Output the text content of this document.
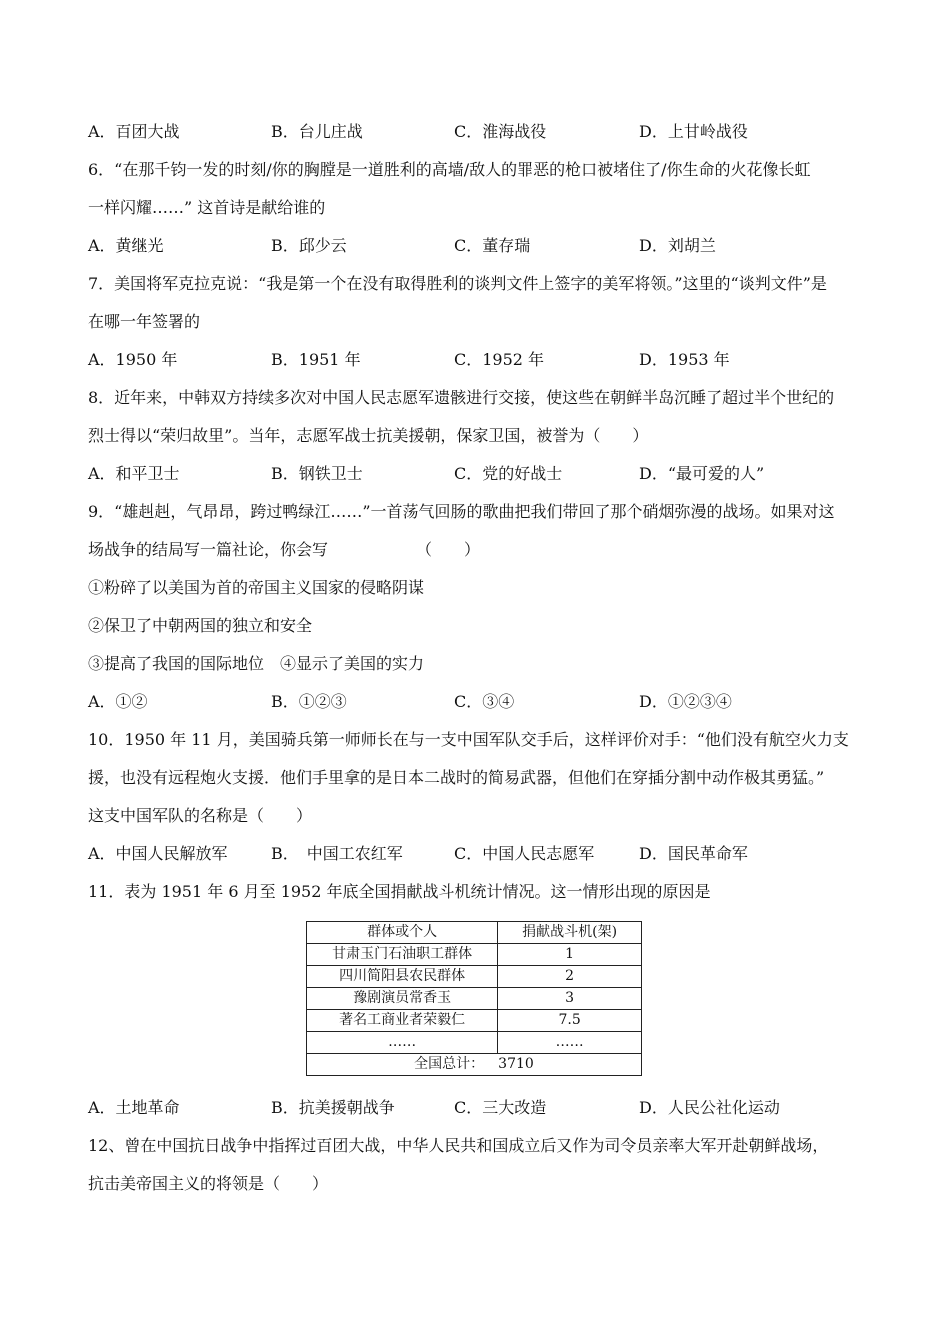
A．百团大战	B．台儿庄战	C．淮海战役	D．上甘岭战役
6．“在那千钧一发的时刻/你的胸膛是一道胜利的高墙/敌人的罪恶的枪口被堵住了/你生命的火花像长虹
一样闪耀……” 这首诗是献给谁的
A．黄继光	B．邱少云	C．董存瑞	D．刘胡兰
7．美国将军克拉克说：“我是第一个在没有取得胜利的谈判文件上签字的美军将领。”这里的“谈判文件”是
在哪一年签署的
A．1950 年	B．1951 年	C．1952 年	D．1953 年
8．近年来，中韩双方持续多次对中国人民志愿军遗骸进行交接，使这些在朝鲜半岛沉睡了超过半个世纪的
烈士得以“荣归故里”。当年，志愿军战士抗美援朝，保家卫国，被誉为（　　）
A．和平卫士	B．钢铁卫士	C．党的好战士	D．“最可爱的人”
9．“雄赳赳，气昂昂，跨过鸭绿江……”一首荡气回肠的歌曲把我们带回了那个硝烟弥漫的战场。如果对这
场战争的结局写一篇社论，你会写　　　　　　（　　）
①粉碎了以美国为首的帝国主义国家的侵略阴谋
②保卫了中朝两国的独立和安全
③提高了我国的国际地位　④显示了美国的实力
A．①②	B．①②③	C．③④	D．①②③④
10．1950 年 11 月，美国骑兵第一师师长在与一支中国军队交手后，这样评价对手：“他们没有航空火力支
援，也没有远程炮火支援．他们手里拿的是日本二战时的简易武器，但他们在穿插分割中动作极其勇猛。”
这支中国军队的名称是（　　）
A．中国人民解放军	B．　中国工农红军	C．中国人民志愿军	D．国民革命军
11．表为 1951 年 6 月至 1952 年底全国捐献战斗机统计情况。这一情形出现的原因是
群体或个人	捐献战斗机(架)
甘肃玉门石油职工群体	1
四川简阳县农民群体	2
豫剧演员常香玉	3
著名工商业者荣毅仁	7.5
……	……
全国总计： 3710	
A．土地革命	B．抗美援朝战争	C．三大改造	D．人民公社化运动
12、曾在中国抗日战争中指挥过百团大战，中华人民共和国成立后又作为司令员亲率大军开赴朝鲜战场，
抗击美帝国主义的将领是（　　）
